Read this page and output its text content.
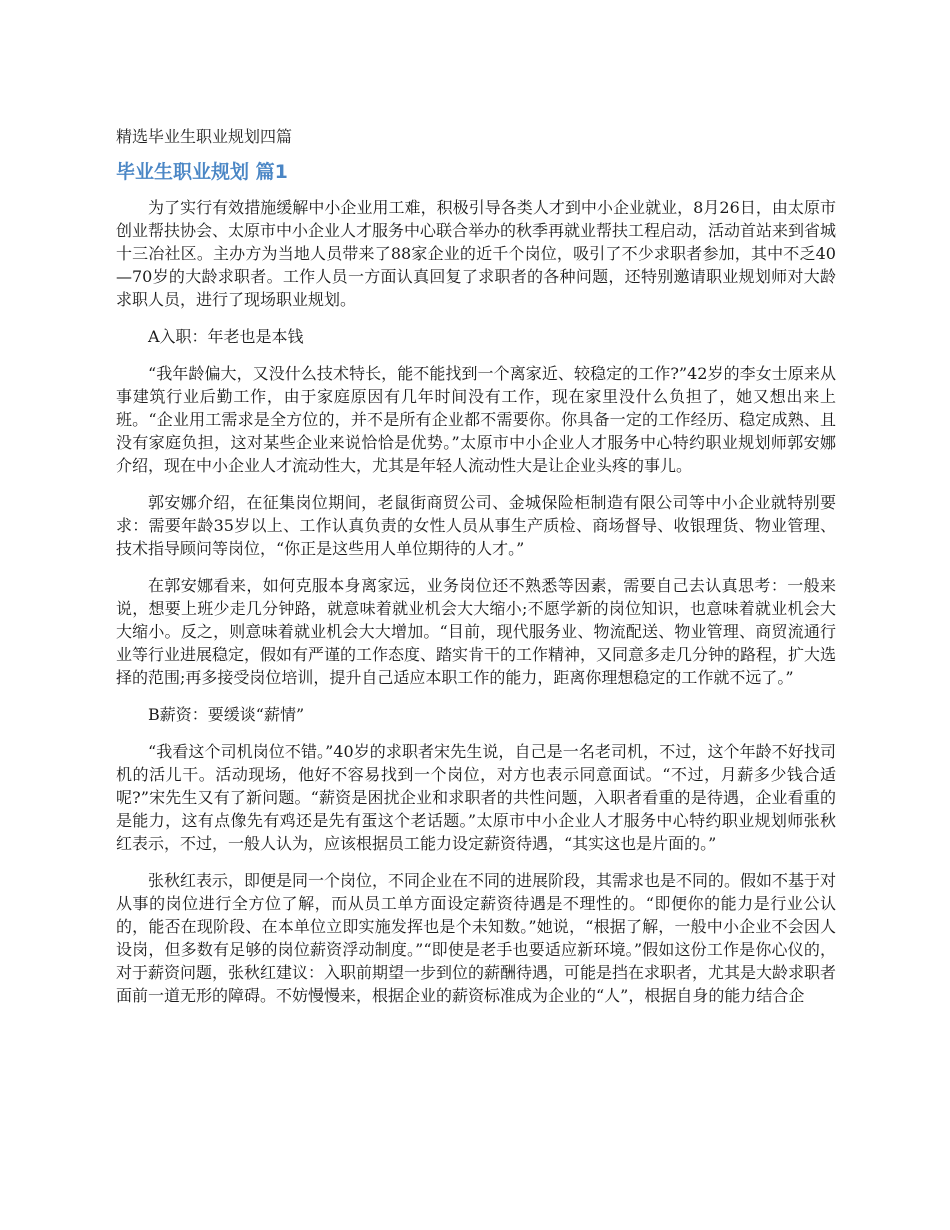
精选毕业生职业规划四篇
毕业生职业规划 篇1

为了实行有效措施缓解中小企业用工难，积极引导各类人才到中小企业就业，8月26日，由太原市创业帮扶协会、太原市中小企业人才服务中心联合举办的秋季再就业帮扶工程启动，活动首站来到省城十三冶社区。主办方为当地人员带来了88家企业的近千个岗位，吸引了不少求职者参加，其中不乏40—70岁的大龄求职者。工作人员一方面认真回复了求职者的各种问题，还特别邀请职业规划师对大龄求职人员，进行了现场职业规划。

A入职：年老也是本钱

“我年龄偏大，又没什么技术特长，能不能找到一个离家近、较稳定的工作?”42岁的李女士原来从事建筑行业后勤工作，由于家庭原因有几年时间没有工作，现在家里没什么负担了，她又想出来上班。“企业用工需求是全方位的，并不是所有企业都不需要你。你具备一定的工作经历、稳定成熟、且没有家庭负担，这对某些企业来说恰恰是优势。”太原市中小企业人才服务中心特约职业规划师郭安娜介绍，现在中小企业人才流动性大，尤其是年轻人流动性大是让企业头疼的事儿。

郭安娜介绍，在征集岗位期间，老鼠街商贸公司、金城保险柜制造有限公司等中小企业就特别要求：需要年龄35岁以上、工作认真负责的女性人员从事生产质检、商场督导、收银理货、物业管理、技术指导顾问等岗位，“你正是这些用人单位期待的人才。”

在郭安娜看来，如何克服本身离家远，业务岗位还不熟悉等因素，需要自己去认真思考：一般来说，想要上班少走几分钟路，就意味着就业机会大大缩小;不愿学新的岗位知识，也意味着就业机会大大缩小。反之，则意味着就业机会大大增加。“目前，现代服务业、物流配送、物业管理、商贸流通行业等行业进展稳定，假如有严谨的工作态度、踏实肯干的工作精神，又同意多走几分钟的路程，扩大选择的范围;再多接受岗位培训，提升自己适应本职工作的能力，距离你理想稳定的工作就不远了。”

B薪资：要缓谈“薪情”

“我看这个司机岗位不错。”40岁的求职者宋先生说，自己是一名老司机，不过，这个年龄不好找司机的活儿干。活动现场，他好不容易找到一个岗位，对方也表示同意面试。“不过，月薪多少钱合适呢?”宋先生又有了新问题。“薪资是困扰企业和求职者的共性问题，入职者看重的是待遇，企业看重的是能力，这有点像先有鸡还是先有蛋这个老话题。”太原市中小企业人才服务中心特约职业规划师张秋红表示，不过，一般人认为，应该根据员工能力设定薪资待遇，“其实这也是片面的。”

张秋红表示，即便是同一个岗位，不同企业在不同的进展阶段，其需求也是不同的。假如不基于对从事的岗位进行全方位了解，而从员工单方面设定薪资待遇是不理性的。“即便你的能力是行业公认的，能否在现阶段、在本单位立即实施发挥也是个未知数。”她说，“根据了解，一般中小企业不会因人设岗，但多数有足够的岗位薪资浮动制度。”“即使是老手也要适应新环境。”假如这份工作是你心仪的，对于薪资问题，张秋红建议：入职前期望一步到位的薪酬待遇，可能是挡在求职者，尤其是大龄求职者面前一道无形的障碍。不妨慢慢来，根据企业的薪资标准成为企业的“人”，根据自身的能力结合企
